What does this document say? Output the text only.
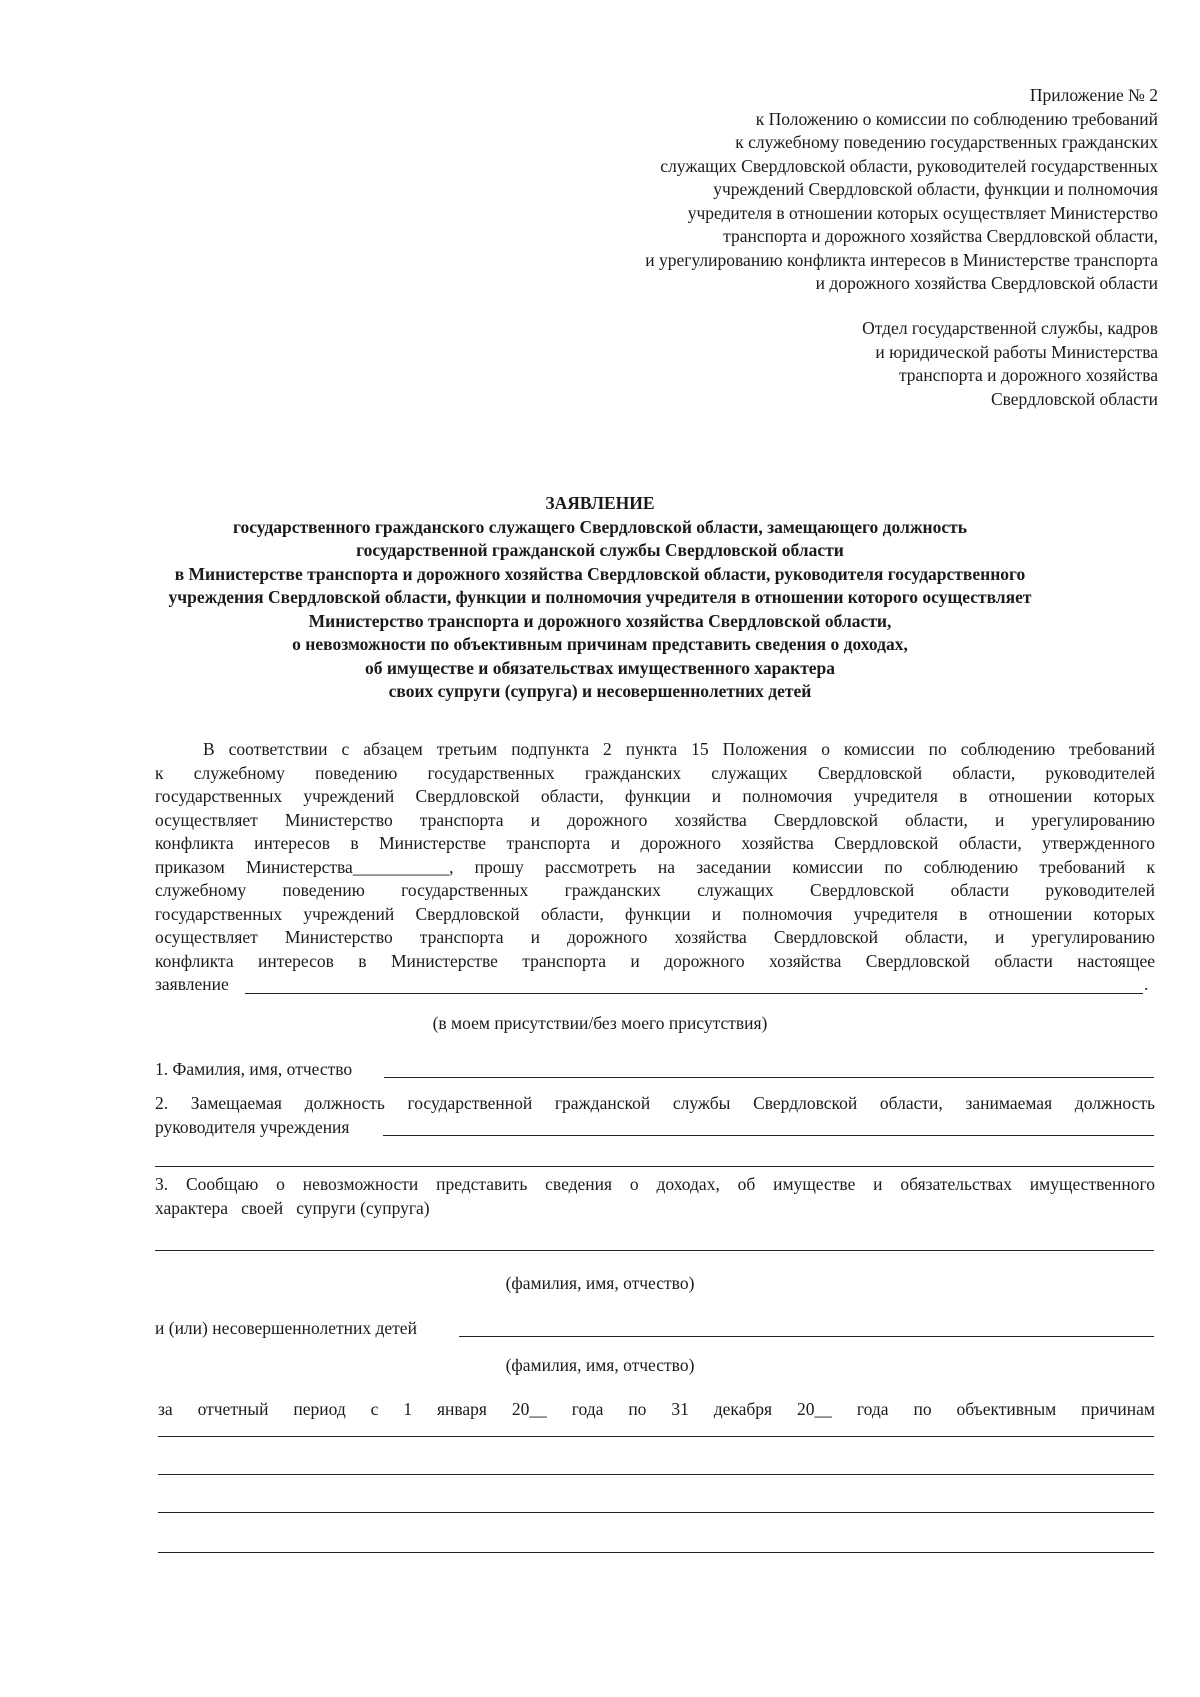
Приложение № 2
к Положению о комиссии по соблюдению требований
к служебному поведению государственных гражданских
служащих Свердловской области, руководителей государственных
учреждений Свердловской области, функции и полномочия
учредителя в отношении которых осуществляет Министерство
транспорта и дорожного хозяйства Свердловской области,
и урегулированию конфликта интересов в Министерстве транспорта
и дорожного хозяйства Свердловской области
Отдел государственной службы, кадров
и юридической работы Министерства
транспорта и дорожного хозяйства
Свердловской области
ЗАЯВЛЕНИЕ
государственного гражданского служащего Свердловской области, замещающего должность
государственной гражданской службы Свердловской области
в Министерстве транспорта и дорожного хозяйства Свердловской области, руководителя государственного
учреждения Свердловской области, функции и полномочия учредителя в отношении которого осуществляет
Министерство транспорта и дорожного хозяйства Свердловской области,
о невозможности по объективным причинам представить сведения о доходах,
об имуществе и обязательствах имущественного характера
своих супруги (супруга) и несовершеннолетних детей
В соответствии с абзацем третьим подпункта 2 пункта 15 Положения о комиссии по соблюдению требований
к служебному поведению государственных гражданских служащих Свердловской области, руководителей
государственных учреждений Свердловской области, функции и полномочия учредителя в отношении которых
осуществляет Министерство транспорта и дорожного хозяйства Свердловской области, и урегулированию
конфликта интересов в Министерстве транспорта и дорожного хозяйства Свердловской области, утвержденного
приказом Министерства___________, прошу рассмотреть на заседании комиссии по соблюдению требований к
служебному поведению государственных гражданских служащих Свердловской области руководителей
государственных учреждений Свердловской области, функции и полномочия учредителя в отношении которых
осуществляет Министерство транспорта и дорожного хозяйства Свердловской области, и урегулированию
конфликта интересов в Министерстве транспорта и дорожного хозяйства Свердловской области настоящее
заявление	.
(в моем присутствии/без моего присутствия)
1. Фамилия, имя, отчество
2. Замещаемая должность государственной гражданской службы Свердловской области, занимаемая должность
руководителя учреждения
3. Сообщаю о невозможности представить сведения о доходах, об имуществе и обязательствах имущественного
характера   своей   супруги (супруга)
(фамилия, имя, отчество)
и (или) несовершеннолетних детей
(фамилия, имя, отчество)
за отчетный период с 1 января 20__ года по 31 декабря 20__ года по объективным причинам
